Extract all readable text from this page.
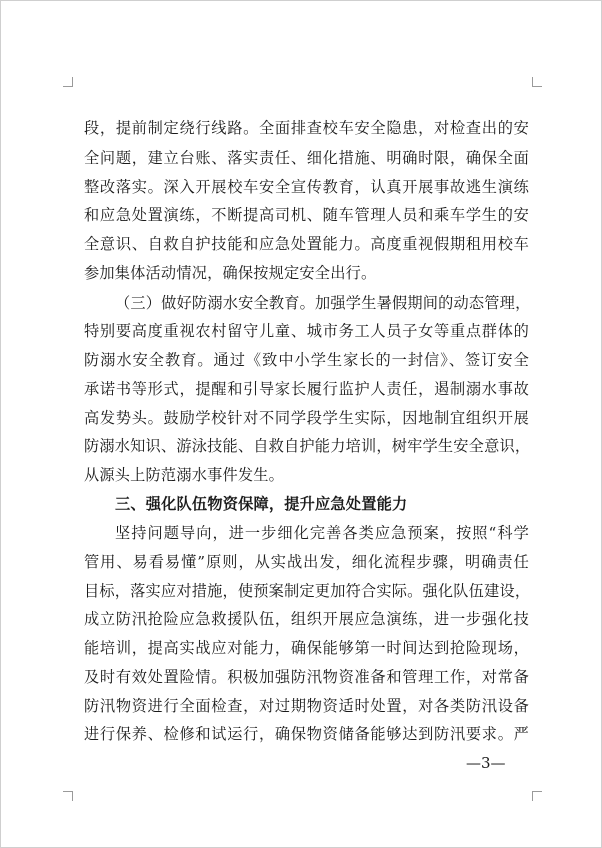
段，提前制定绕行线路。全面排查校车安全隐患，对检查出的安
全问题，建立台账、落实责任、细化措施、明确时限，确保全面
整改落实。深入开展校车安全宣传教育，认真开展事故逃生演练
和应急处置演练，不断提高司机、随车管理人员和乘车学生的安
全意识、自救自护技能和应急处置能力。高度重视假期租用校车
参加集体活动情况，确保按规定安全出行。
（三）做好防溺水安全教育。加强学生暑假期间的动态管理，
特别要高度重视农村留守儿童、城市务工人员子女等重点群体的
防溺水安全教育。通过《致中小学生家长的一封信》、签订安全
承诺书等形式，提醒和引导家长履行监护人责任，遏制溺水事故
高发势头。鼓励学校针对不同学段学生实际，因地制宜组织开展
防溺水知识、游泳技能、自救自护能力培训，树牢学生安全意识，
从源头上防范溺水事件发生。
三、强化队伍物资保障，提升应急处置能力
坚持问题导向，进一步细化完善各类应急预案，按照“科学
管用、易看易懂”原则，从实战出发，细化流程步骤，明确责任
目标，落实应对措施，使预案制定更加符合实际。强化队伍建设，
成立防汛抢险应急救援队伍，组织开展应急演练，进一步强化技
能培训，提高实战应对能力，确保能够第一时间达到抢险现场，
及时有效处置险情。积极加强防汛物资准备和管理工作，对常备
防汛物资进行全面检查，对过期物资适时处置，对各类防汛设备
进行保养、检修和试运行，确保物资储备能够达到防汛要求。严
—3—
